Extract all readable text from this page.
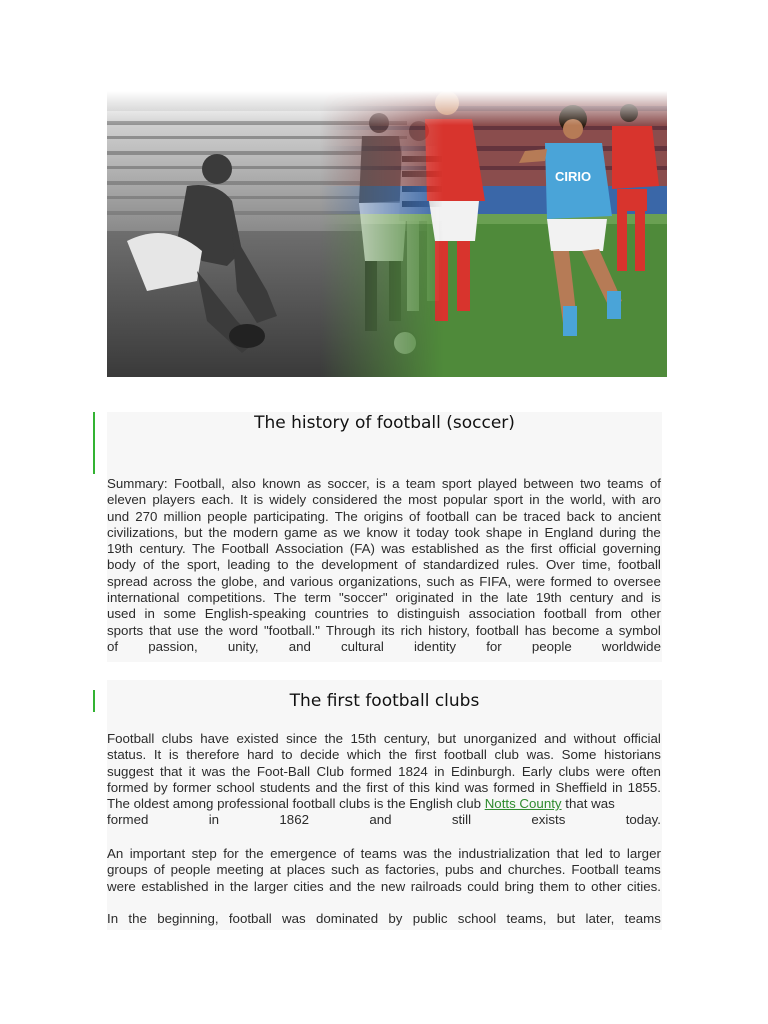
The history of football (soccer)
Summary: Football, also known as soccer, is a team sport played between two teams of
eleven players each. It is widely considered the most popular sport in the world, with aro
und 270 million people participating. The origins of football can be traced back to ancient
civilizations, but the modern game as we know it today took shape in England during the
19th century. The Football Association (FA) was established as the first official governing
body of the sport, leading to the development of standardized rules. Over time, football
spread across the globe, and various organizations, such as FIFA, were formed to oversee
international competitions. The term "soccer" originated in the late 19th century and is
used in some English-speaking countries to distinguish association football from other
sports that use the word "football." Through its rich history, football has become a symbol
of passion, unity, and cultural identity for people worldwide
The first football clubs
Football clubs have existed since the 15th century, but unorganized and without official
status. It is therefore hard to decide which the first football club was. Some historians
suggest that it was the Foot-Ball Club formed 1824 in Edinburgh. Early clubs were often
formed by former school students and the first of this kind was formed in Sheffield in 1855.
The oldest among professional football clubs is the English club Notts County that was
formed	in	1862	and	still	exists	today.
An important step for the emergence of teams was the industrialization that led to larger
groups of people meeting at places such as factories, pubs and churches. Football teams
were established in the larger cities and the new railroads could bring them to other cities.
In the beginning, football was dominated by public school teams, but later, teams
